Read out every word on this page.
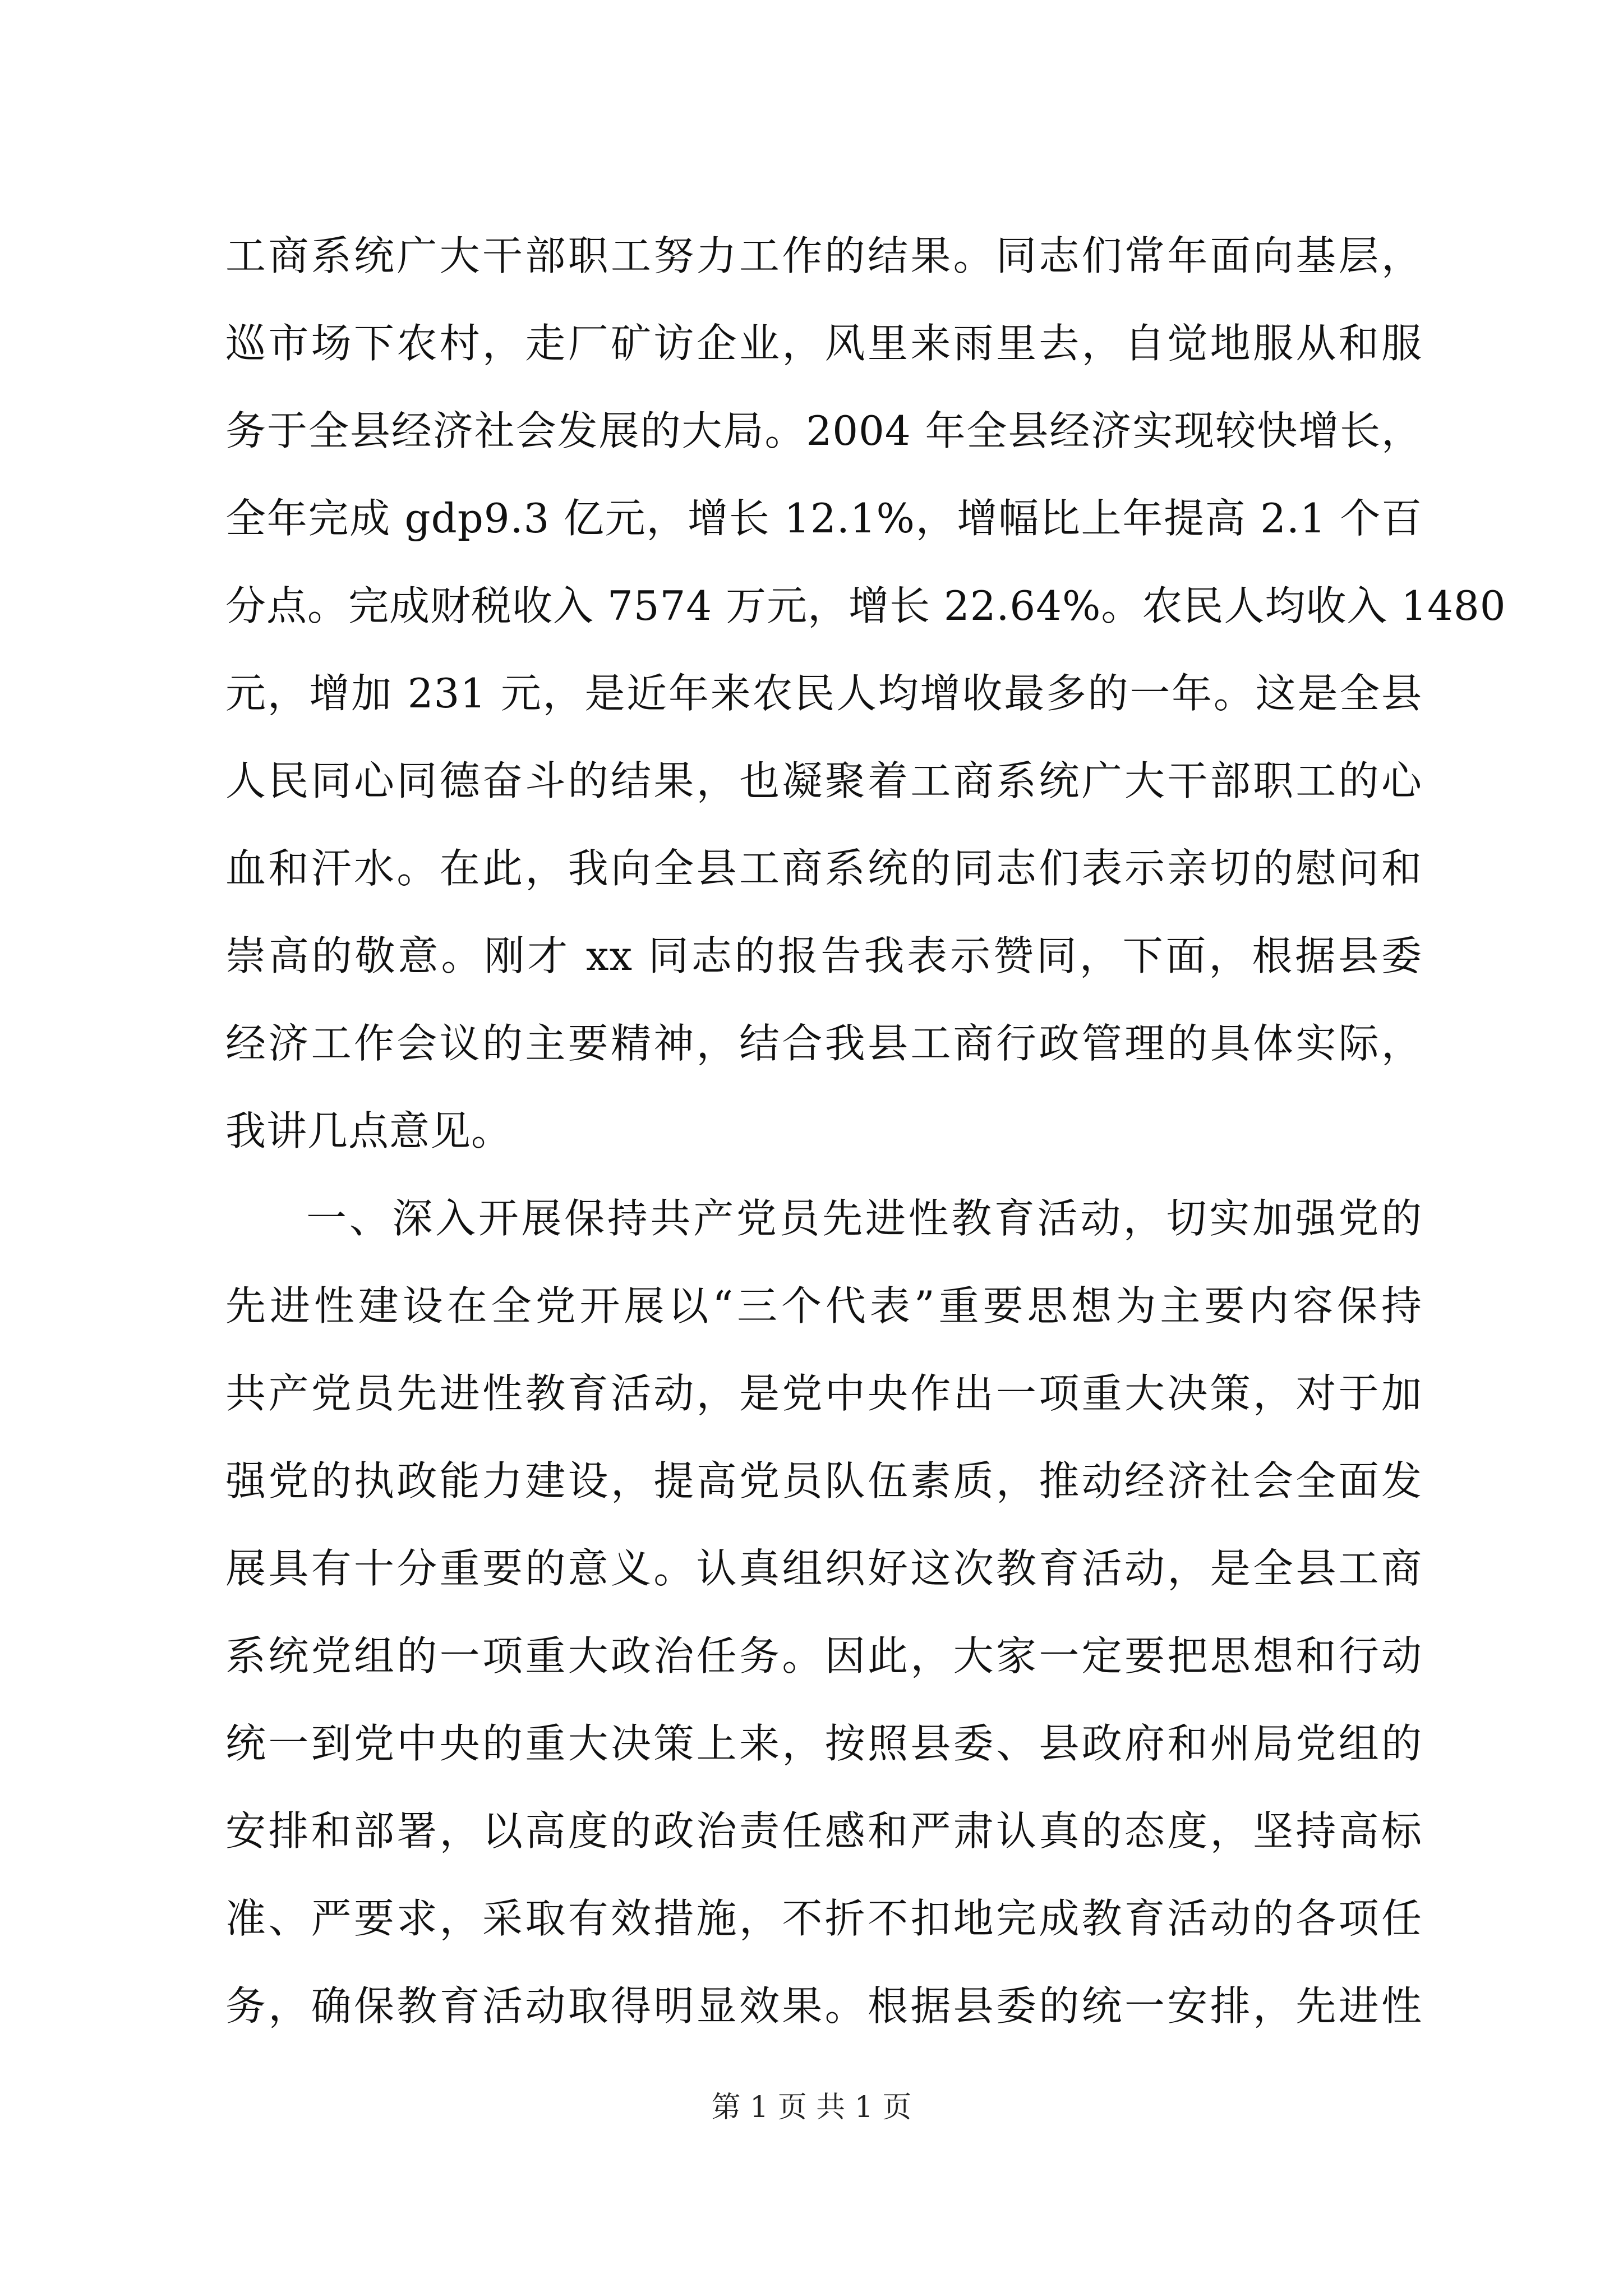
工商系统广大干部职工努力工作的结果。同志们常年面向基层，
巡市场下农村，走厂矿访企业，风里来雨里去，自觉地服从和服
务于全县经济社会发展的大局。2004 年全县经济实现较快增长，
全年完成 gdp9.3 亿元，增长 12.1%，增幅比上年提高 2.1 个百
分点。完成财税收入 7574 万元，增长 22.64%。农民人均收入 1480
元，增加 231 元，是近年来农民人均增收最多的一年。这是全县
人民同心同德奋斗的结果，也凝聚着工商系统广大干部职工的心
血和汗水。在此，我向全县工商系统的同志们表示亲切的慰问和
崇高的敬意。刚才 xx 同志的报告我表示赞同，下面，根据县委
经济工作会议的主要精神，结合我县工商行政管理的具体实际，
我讲几点意见。
一、深入开展保持共产党员先进性教育活动，切实加强党的
先进性建设在全党开展以“三个代表”重要思想为主要内容保持
共产党员先进性教育活动，是党中央作出一项重大决策，对于加
强党的执政能力建设，提高党员队伍素质，推动经济社会全面发
展具有十分重要的意义。认真组织好这次教育活动，是全县工商
系统党组的一项重大政治任务。因此，大家一定要把思想和行动
统一到党中央的重大决策上来，按照县委、县政府和州局党组的
安排和部署，以高度的政治责任感和严肃认真的态度，坚持高标
准、严要求，采取有效措施，不折不扣地完成教育活动的各项任
务，确保教育活动取得明显效果。根据县委的统一安排，先进性
第 1 页 共 1 页
